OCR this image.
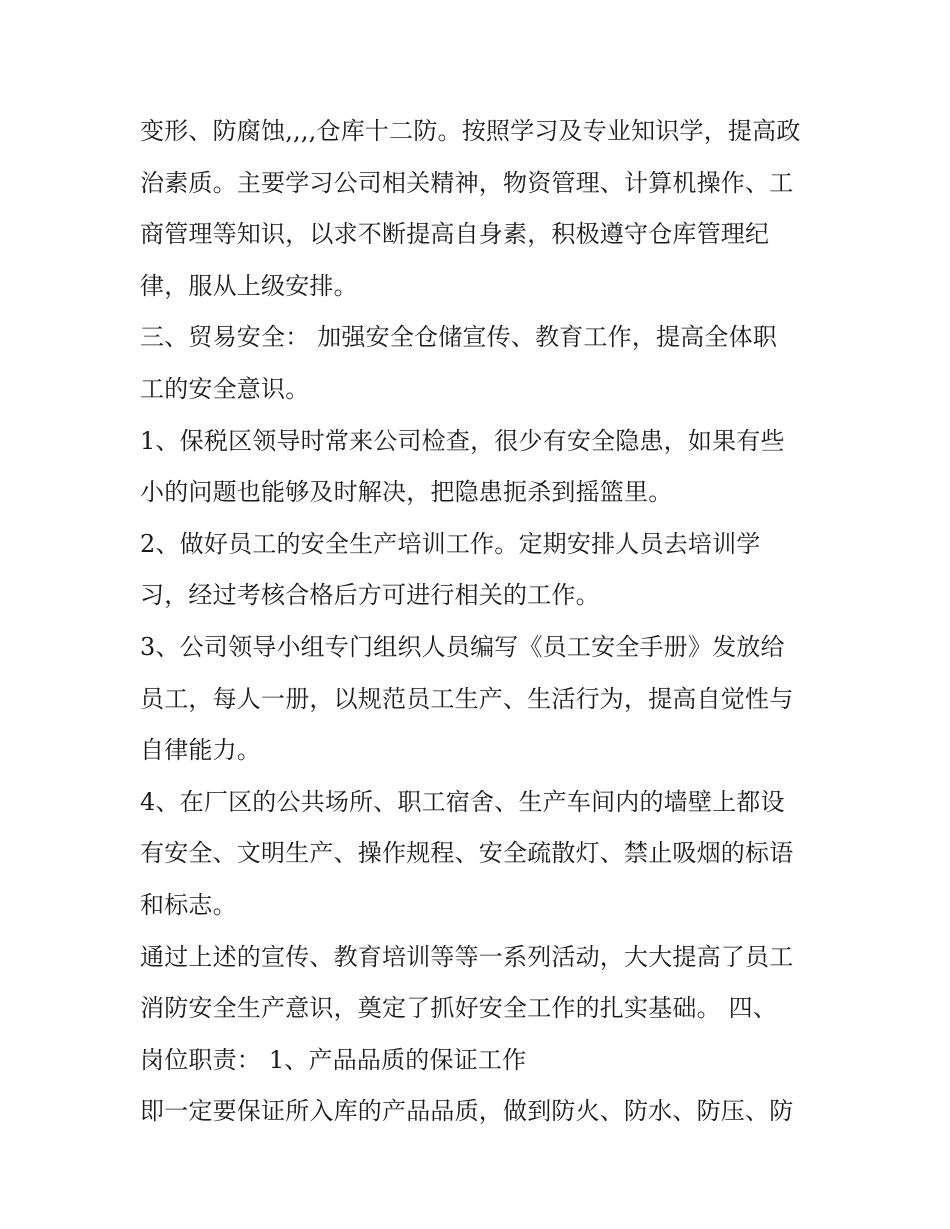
变形、防腐蚀,,,,仓库十二防。按照学习及专业知识学，提高政
治素质。主要学习公司相关精神，物资管理、计算机操作、工
商管理等知识，以求不断提高自身素，积极遵守仓库管理纪
律，服从上级安排。
三、贸易安全： 加强安全仓储宣传、教育工作，提高全体职
工的安全意识。
1、保税区领导时常来公司检查，很少有安全隐患，如果有些
小的问题也能够及时解决，把隐患扼杀到摇篮里。
2、做好员工的安全生产培训工作。定期安排人员去培训学
习，经过考核合格后方可进行相关的工作。
3、公司领导小组专门组织人员编写《员工安全手册》发放给
员工，每人一册，以规范员工生产、生活行为，提高自觉性与
自律能力。
4、在厂区的公共场所、职工宿舍、生产车间内的墙壁上都设
有安全、文明生产、操作规程、安全疏散灯、禁止吸烟的标语
和标志。
通过上述的宣传、教育培训等等一系列活动，大大提高了员工
消防安全生产意识，奠定了抓好安全工作的扎实基础。 四、
岗位职责： 1、产品品质的保证工作
即一定要保证所入库的产品品质，做到防火、防水、防压、防
